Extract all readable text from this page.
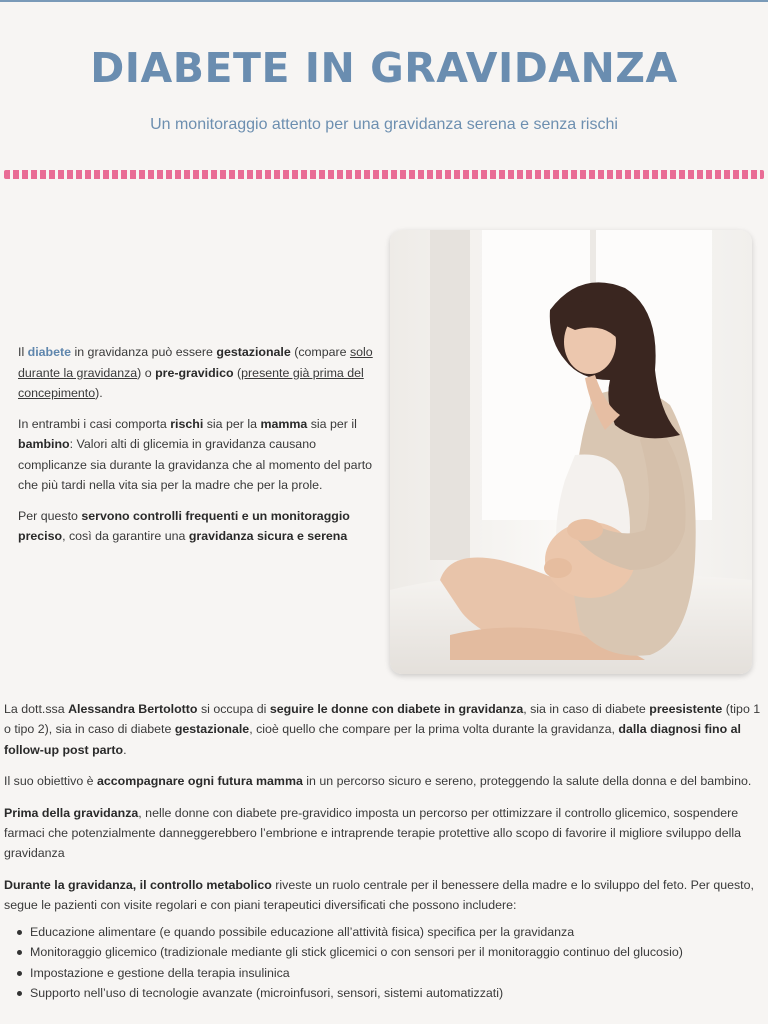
DIABETE IN GRAVIDANZA
Un monitoraggio attento per una gravidanza serena e senza rischi

Il diabete in gravidanza può essere gestazionale (compare solo durante la gravidanza) o pre-gravidico (presente già prima del concepimento).

In entrambi i casi comporta rischi sia per la mamma sia per il bambino: Valori alti di glicemia in gravidanza causano complicanze sia durante la gravidanza che al momento del parto che più tardi nella vita sia per la madre che per la prole.

Per questo servono controlli frequenti e un monitoraggio preciso, così da garantire una gravidanza sicura e serena

La dott.ssa Alessandra Bertolotto si occupa di seguire le donne con diabete in gravidanza, sia in caso di diabete preesistente (tipo 1 o tipo 2), sia in caso di diabete gestazionale, cioè quello che compare per la prima volta durante la gravidanza, dalla diagnosi fino al follow-up post parto.

Il suo obiettivo è accompagnare ogni futura mamma in un percorso sicuro e sereno, proteggendo la salute della donna e del bambino.

Prima della gravidanza, nelle donne con diabete pre-gravidico imposta un percorso per ottimizzare il controllo glicemico, sospendere farmaci che potenzialmente danneggerebbero l’embrione e intraprende terapie protettive allo scopo di favorire il migliore sviluppo della gravidanza

Durante la gravidanza, il controllo metabolico riveste un ruolo centrale per il benessere della madre e lo sviluppo del feto. Per questo, segue le pazienti con visite regolari e con piani terapeutici diversificati che possono includere:

Educazione alimentare (e quando possibile educazione all’attività fisica) specifica per la gravidanza
Monitoraggio glicemico (tradizionale mediante gli stick glicemici o con sensori per il monitoraggio continuo del glucosio)
Impostazione e gestione della terapia insulinica
Supporto nell’uso di tecnologie avanzate (microinfusori, sensori, sistemi automatizzati)
